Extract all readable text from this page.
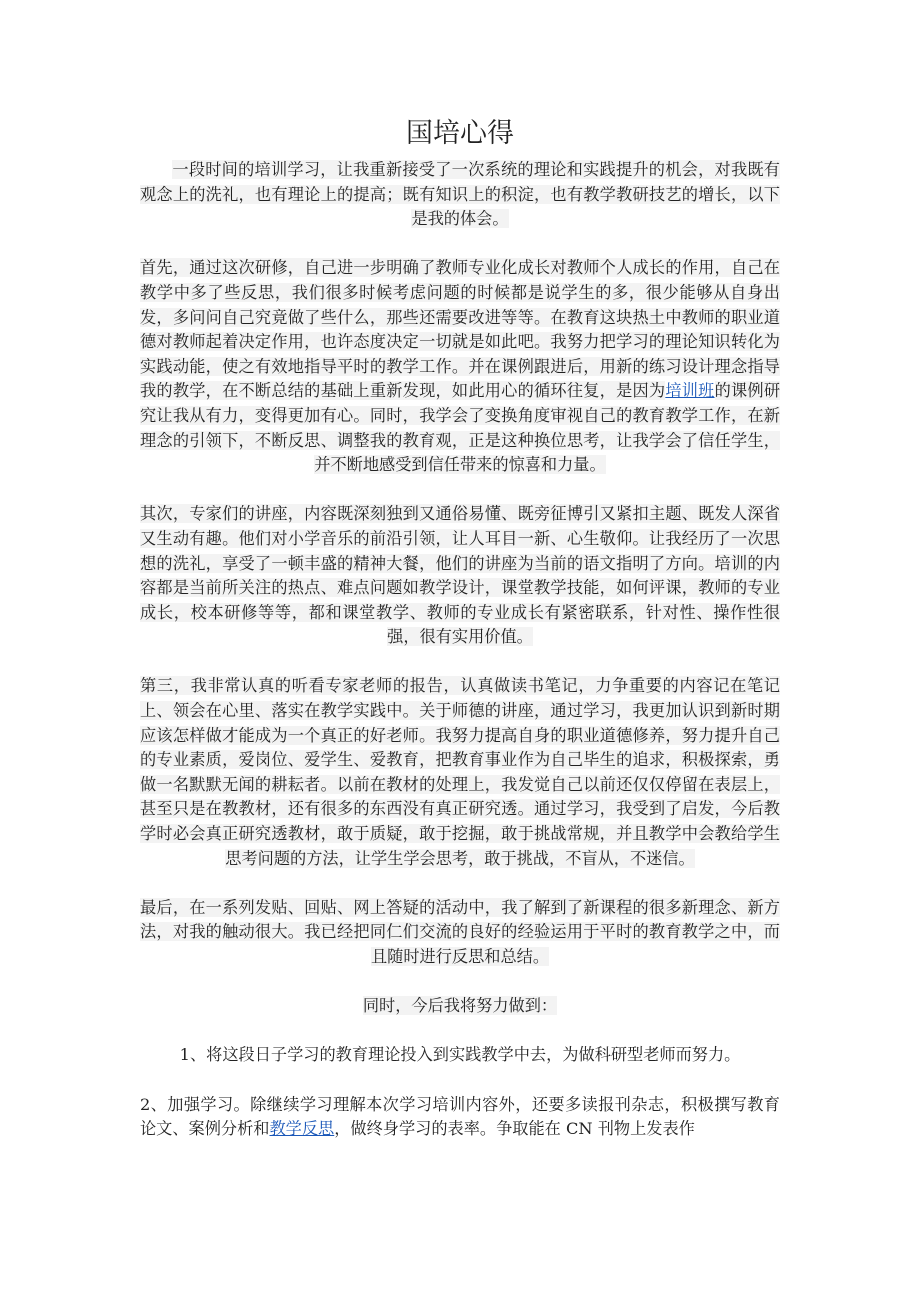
国培心得

一段时间的培训学习，让我重新接受了一次系统的理论和实践提升的机会，对我既有观念上的洗礼，也有理论上的提高；既有知识上的积淀，也有教学教研技艺的增长，以下是我的体会。

首先，通过这次研修，自己进一步明确了教师专业化成长对教师个人成长的作用，自己在教学中多了些反思，我们很多时候考虑问题的时候都是说学生的多，很少能够从自身出发，多问问自己究竟做了些什么，那些还需要改进等等。在教育这块热土中教师的职业道德对教师起着决定作用，也许态度决定一切就是如此吧。我努力把学习的理论知识转化为实践动能，使之有效地指导平时的教学工作。并在课例跟进后，用新的练习设计理念指导我的教学，在不断总结的基础上重新发现，如此用心的循环往复，是因为培训班的课例研究让我从有力，变得更加有心。同时，我学会了变换角度审视自己的教育教学工作，在新理念的引领下，不断反思、调整我的教育观，正是这种换位思考，让我学会了信任学生，并不断地感受到信任带来的惊喜和力量。

其次，专家们的讲座，内容既深刻独到又通俗易懂、既旁征博引又紧扣主题、既发人深省又生动有趣。他们对小学音乐的前沿引领，让人耳目一新、心生敬仰。让我经历了一次思想的洗礼，享受了一顿丰盛的精神大餐，他们的讲座为当前的语文指明了方向。培训的内容都是当前所关注的热点、难点问题如教学设计，课堂教学技能，如何评课，教师的专业成长，校本研修等等，都和课堂教学、教师的专业成长有紧密联系，针对性、操作性很强，很有实用价值。

第三，我非常认真的听看专家老师的报告，认真做读书笔记，力争重要的内容记在笔记上、领会在心里、落实在教学实践中。关于师德的讲座，通过学习，我更加认识到新时期应该怎样做才能成为一个真正的好老师。我努力提高自身的职业道德修养，努力提升自己的专业素质，爱岗位、爱学生、爱教育，把教育事业作为自己毕生的追求，积极探索，勇做一名默默无闻的耕耘者。以前在教材的处理上，我发觉自己以前还仅仅停留在表层上，甚至只是在教教材，还有很多的东西没有真正研究透。通过学习，我受到了启发，今后教学时必会真正研究透教材，敢于质疑，敢于挖掘，敢于挑战常规，并且教学中会教给学生思考问题的方法，让学生学会思考，敢于挑战，不盲从，不迷信。

最后，在一系列发贴、回贴、网上答疑的活动中，我了解到了新课程的很多新理念、新方法，对我的触动很大。我已经把同仁们交流的良好的经验运用于平时的教育教学之中，而且随时进行反思和总结。

同时，今后我将努力做到：

1、将这段日子学习的教育理论投入到实践教学中去，为做科研型老师而努力。

2、加强学习。除继续学习理解本次学习培训内容外，还要多读报刊杂志，积极撰写教育论文、案例分析和教学反思，做终身学习的表率。争取能在 CN 刊物上发表作
